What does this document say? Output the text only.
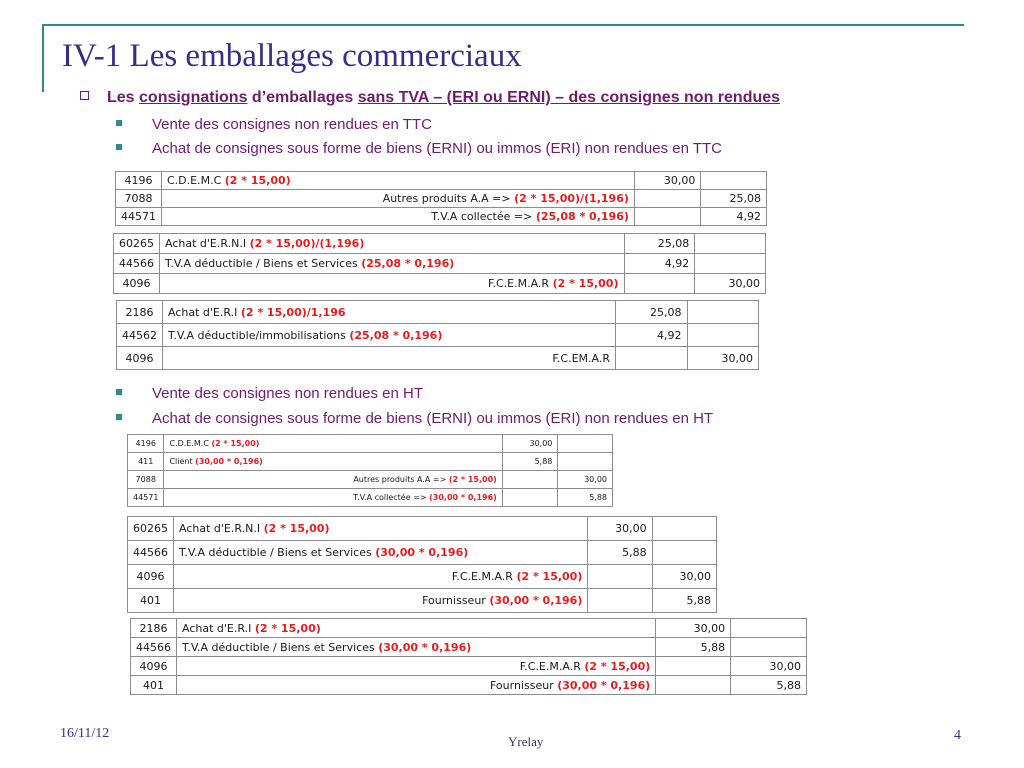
IV-1 Les emballages commerciaux
Les consignations d’emballages sans TVA – (ERI ou ERNI) – des consignes non rendues
Vente des consignes non rendues en TTC
Achat de consignes sous forme de biens (ERNI) ou immos (ERI) non rendues en TTC
Vente des consignes non rendues en HT
Achat de consignes sous forme de biens (ERNI) ou immos (ERI) non rendues en HT
4196	C.D.E.M.C (2 * 15,00)	30,00	
7088	Autres produits A.A => (2 * 15,00)/(1,196)		25,08
44571	T.V.A collectée => (25,08 * 0,196)		4,92
60265	Achat d'E.R.N.I (2 * 15,00)/(1,196)	25,08	
44566	T.V.A déductible / Biens et Services (25,08 * 0,196)	4,92	
4096	F.C.E.M.A.R (2 * 15,00)		30,00
2186	Achat d'E.R.I (2 * 15,00)/1,196	25,08	
44562	T.V.A déductible/immobilisations (25,08 * 0,196)	4,92	
4096	F.C.EM.A.R		30,00
4196	C.D.E.M.C (2 * 15,00)	30,00	
411	Client (30,00 * 0,196)	5,88	
7088	Autres produits A.A => (2 * 15,00)		30,00
44571	T.V.A collectée => (30,00 * 0,196)		5,88
60265	Achat d'E.R.N.I (2 * 15,00)	30,00	
44566	T.V.A déductible / Biens et Services (30,00 * 0,196)	5,88	
4096	F.C.E.M.A.R (2 * 15,00)		30,00
401	Fournisseur (30,00 * 0,196)		5,88
2186	Achat d'E.R.I (2 * 15,00)	30,00	
44566	T.V.A déductible / Biens et Services (30,00 * 0,196)	5,88	
4096	F.C.E.M.A.R (2 * 15,00)		30,00
401	Fournisseur (30,00 * 0,196)		5,88
16/11/12
Yrelay	4
